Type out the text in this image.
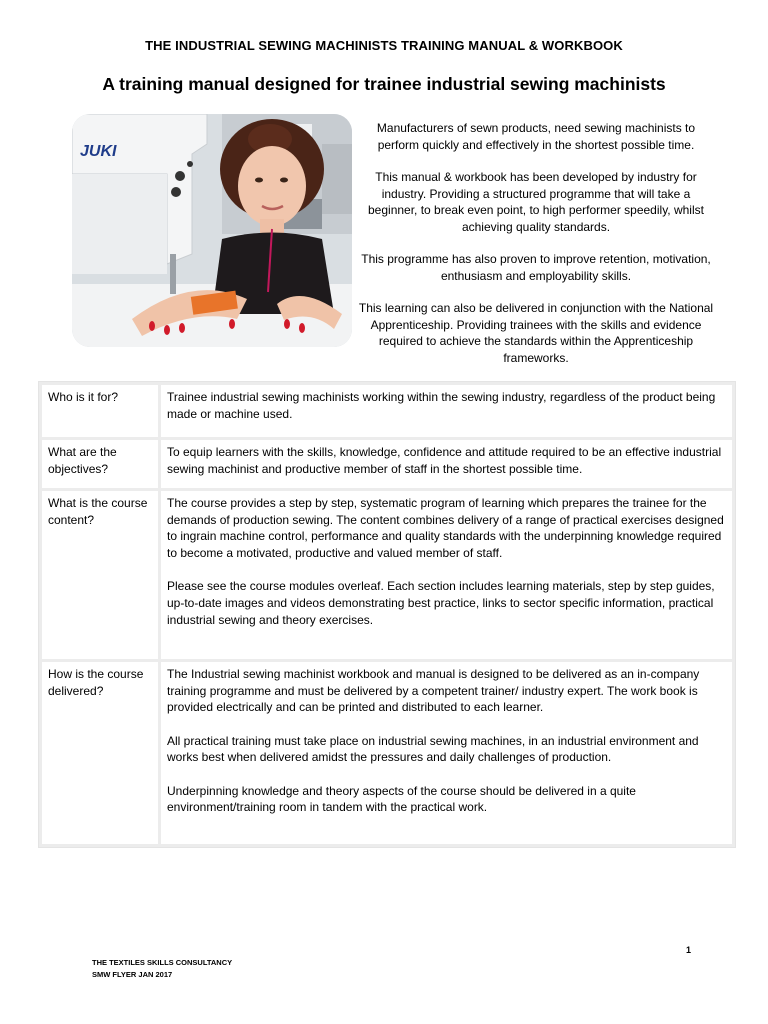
THE INDUSTRIAL SEWING MACHINISTS TRAINING MANUAL & WORKBOOK
A training manual designed for trainee industrial sewing machinists
JUKI

Manufacturers of sewn products, need sewing machinists to perform quickly and effectively in the shortest possible time.

This manual & workbook has been developed by industry for industry. Providing a structured programme that will take a beginner, to break even point, to high performer speedily, whilst achieving quality standards.

This programme has also proven to improve retention, motivation, enthusiasm and employability skills.

This learning can also be delivered in conjunction with the National Apprenticeship. Providing trainees with the skills and evidence required to achieve the standards within the Apprenticeship frameworks.

Who is it for?	Trainee industrial sewing machinists working within the sewing industry, regardless of the product being made or machine used.

What are the objectives?	To equip learners with the skills, knowledge, confidence and attitude required to be an effective industrial sewing machinist and productive member of staff in the shortest possible time.

What is the course content?	The course provides a step by step, systematic program of learning which prepares the trainee for the demands of production sewing. The content combines delivery of a range of practical exercises designed to ingrain machine control, performance and quality standards with the underpinning knowledge required to become a motivated, productive and valued member of staff.

Please see the course modules overleaf. Each section includes learning materials, step by step guides, up-to-date images and videos demonstrating best practice, links to sector specific information, practical industrial sewing and theory exercises.

How is the course delivered?	The Industrial sewing machinist workbook and manual is designed to be delivered as an in-company training programme and must be delivered by a competent trainer/ industry expert. The work book is provided electrically and can be printed and distributed to each learner.

All practical training must take place on industrial sewing machines, in an industrial environment and works best when delivered amidst the pressures and daily challenges of production.

Underpinning knowledge and theory aspects of the course should be delivered in a quite environment/training room in tandem with the practical work.

1
THE TEXTILES SKILLS CONSULTANCY
SMW FLYER JAN 2017
